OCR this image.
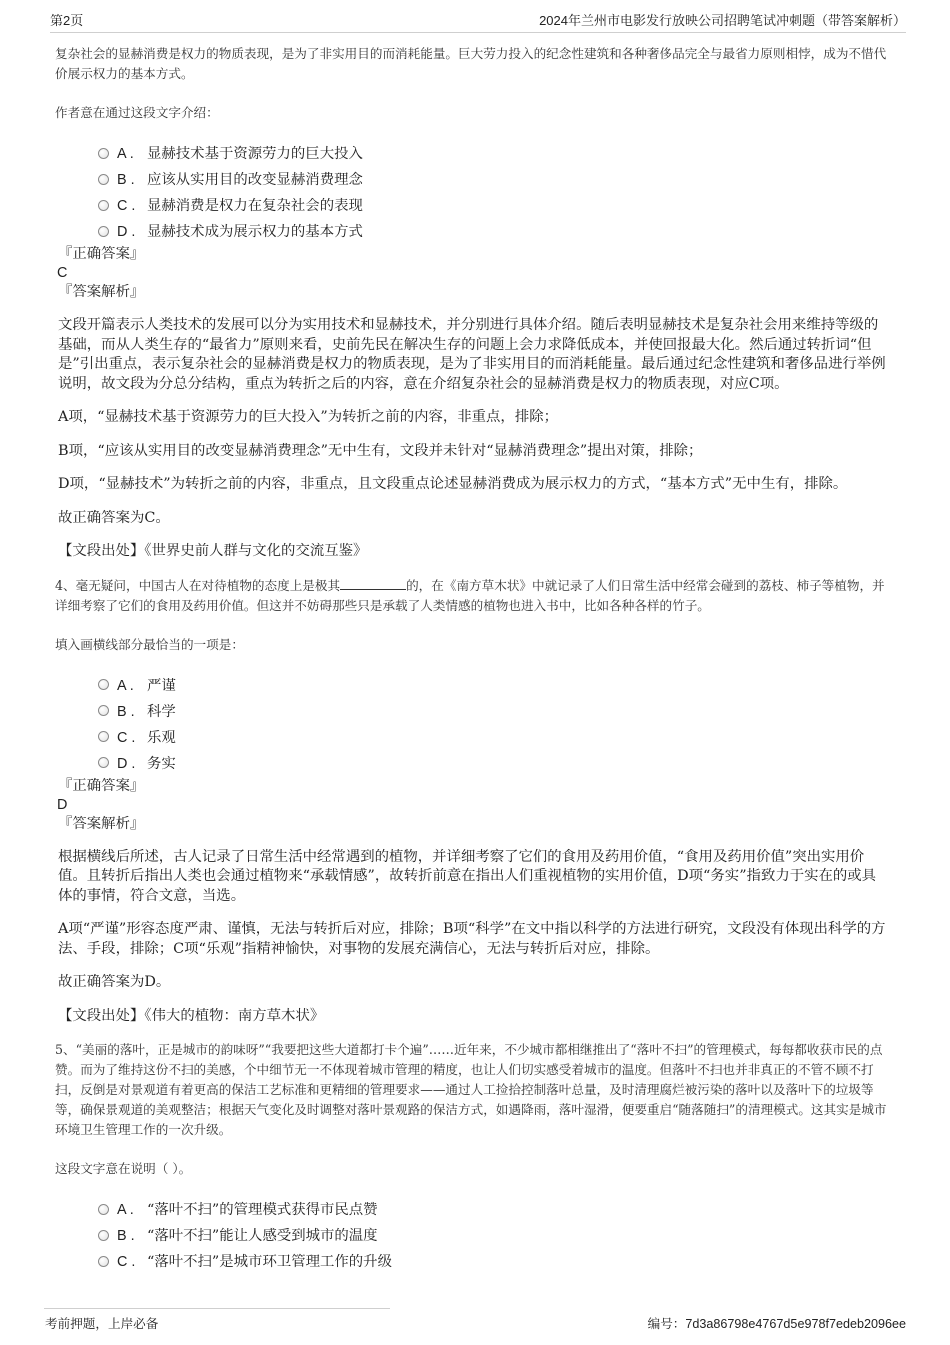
第2页	2024年兰州市电影发行放映公司招聘笔试冲刺题（带答案解析）

复杂社会的显赫消费是权力的物质表现，是为了非实用目的而消耗能量。巨大劳力投入的纪念性建筑和各种奢侈品完全与最省力原则相悖，成为不惜代价展示权力的基本方式。

作者意在通过这段文字介绍：

A . 显赫技术基于资源劳力的巨大投入
B . 应该从实用目的改变显赫消费理念
C . 显赫消费是权力在复杂社会的表现
D . 显赫技术成为展示权力的基本方式
『正确答案』
C
『答案解析』

文段开篇表示人类技术的发展可以分为实用技术和显赫技术，并分别进行具体介绍。随后表明显赫技术是复杂社会用来维持等级的基础，而从人类生存的“最省力”原则来看，史前先民在解决生存的问题上会力求降低成本，并使回报最大化。然后通过转折词“但是”引出重点，表示复杂社会的显赫消费是权力的物质表现，是为了非实用目的而消耗能量。最后通过纪念性建筑和奢侈品进行举例说明，故文段为分总分结构，重点为转折之后的内容，意在介绍复杂社会的显赫消费是权力的物质表现，对应C项。

A项，“显赫技术基于资源劳力的巨大投入”为转折之前的内容，非重点，排除；

B项，“应该从实用目的改变显赫消费理念”无中生有，文段并未针对“显赫消费理念”提出对策，排除；

D项，“显赫技术”为转折之前的内容，非重点，且文段重点论述显赫消费成为展示权力的方式，“基本方式”无中生有，排除。

故正确答案为C。

【文段出处】《世界史前人群与文化的交流互鉴》

4、毫无疑问，中国古人在对待植物的态度上是极其	的，在《南方草木状》中就记录了人们日常生活中经常会碰到的荔枝、柿子等植物，并详细考察了它们的食用及药用价值。但这并不妨碍那些只是承载了人类情感的植物也进入书中，比如各种各样的竹子。

填入画横线部分最恰当的一项是：

A . 严谨
B . 科学
C . 乐观
D . 务实
『正确答案』
D
『答案解析』

根据横线后所述，古人记录了日常生活中经常遇到的植物，并详细考察了它们的食用及药用价值，“食用及药用价值”突出实用价值。且转折后指出人类也会通过植物来“承载情感”，故转折前意在指出人们重视植物的实用价值，D项“务实”指致力于实在的或具体的事情，符合文意，当选。

A项“严谨”形容态度严肃、谨慎，无法与转折后对应，排除；B项“科学”在文中指以科学的方法进行研究，文段没有体现出科学的方法、手段，排除；C项“乐观”指精神愉快，对事物的发展充满信心，无法与转折后对应，排除。

故正确答案为D。

【文段出处】《伟大的植物：南方草木状》

5、“美丽的落叶，正是城市的韵味呀”“我要把这些大道都打卡个遍”……近年来，不少城市都相继推出了“落叶不扫”的管理模式，每每都收获市民的点赞。而为了维持这份不扫的美感，个中细节无一不体现着城市管理的精度，也让人们切实感受着城市的温度。但落叶不扫也并非真正的不管不顾不打扫，反倒是对景观道有着更高的保洁工艺标准和更精细的管理要求——通过人工捡拾控制落叶总量，及时清理腐烂被污染的落叶以及落叶下的垃圾等等，确保景观道的美观整洁；根据天气变化及时调整对落叶景观路的保洁方式，如遇降雨，落叶湿滑，便要重启“随落随扫”的清理模式。这其实是城市环境卫生管理工作的一次升级。

这段文字意在说明（ ）。

A . “落叶不扫”的管理模式获得市民点赞
B . “落叶不扫”能让人感受到城市的温度
C . “落叶不扫”是城市环卫管理工作的升级
考前押题，上岸必备	编号：7d3a86798e4767d5e978f7edeb2096ee
